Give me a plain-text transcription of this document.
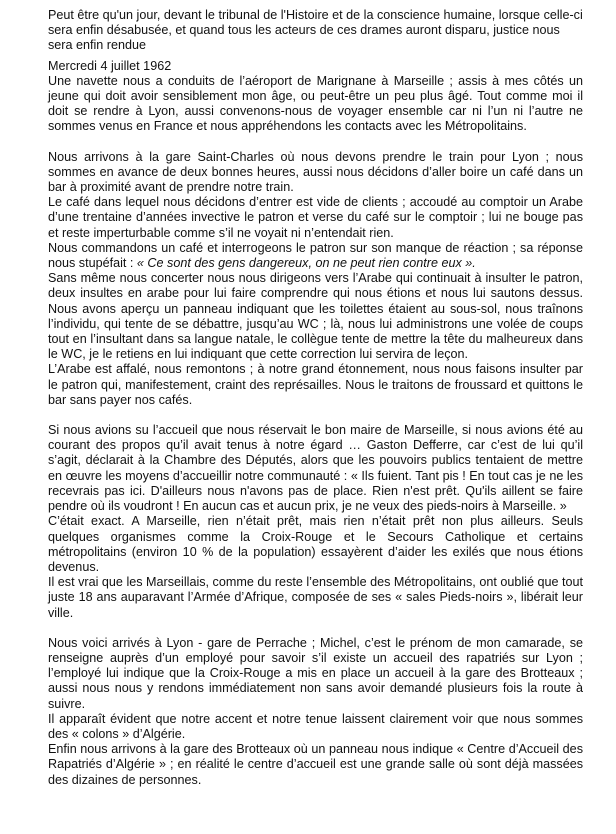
Peut être qu'un jour, devant le tribunal de l'Histoire et de la conscience humaine, lorsque celle-ci sera enfin désabusée, et quand tous les acteurs de ces drames auront disparu, justice nous sera enfin rendue

Mercredi 4 juillet 1962

Une navette nous a conduits de l’aéroport de Marignane à Marseille ; assis à mes côtés un jeune qui doit avoir sensiblement mon âge, ou peut-être un peu plus âgé. Tout comme moi il doit se rendre à Lyon, aussi convenons-nous de voyager ensemble car ni l’un ni l’autre ne sommes venus en France et nous appréhendons les contacts avec les Métropolitains.

Nous arrivons à la gare Saint-Charles où nous devons prendre le train pour Lyon ; nous sommes en avance de deux bonnes heures, aussi nous décidons d’aller boire un café dans un bar à proximité avant de prendre notre train.

Le café dans lequel nous décidons d’entrer est vide de clients ; accoudé au comptoir un Arabe d’une trentaine d’années invective le patron et verse du café sur le comptoir ; lui ne bouge pas et reste imperturbable comme s’il ne voyait ni n’entendait rien.

Nous commandons un café et interrogeons le patron sur son manque de réaction ; sa réponse nous stupéfait : « Ce sont des gens dangereux, on ne peut rien contre eux ».

Sans même nous concerter nous nous dirigeons vers l’Arabe qui continuait à insulter le patron, deux insultes en arabe pour lui faire comprendre qui nous étions et nous lui sautons dessus. Nous avons aperçu un panneau indiquant que les toilettes étaient au sous-sol, nous traînons l’individu, qui tente de se débattre, jusqu’au WC ; là, nous lui administrons une volée de coups tout en l’insultant dans sa langue natale, le collègue tente de mettre la tête du malheureux dans le WC, je le retiens en lui indiquant que cette correction lui servira de leçon.

L’Arabe est affalé, nous remontons ; à notre grand étonnement, nous nous faisons insulter par le patron qui, manifestement, craint des représailles. Nous le traitons de froussard et quittons le bar sans payer nos cafés.

Si nous avions su l’accueil que nous réservait le bon maire de Marseille, si nous avions été au courant des propos qu’il avait tenus à notre égard … Gaston Defferre, car c’est de lui qu’il s’agit, déclarait à la Chambre des Députés, alors que les pouvoirs publics tentaient de mettre en œuvre les moyens d’accueillir notre communauté : « Ils fuient. Tant pis ! En tout cas je ne les recevrais pas ici. D'ailleurs nous n'avons pas de place. Rien n'est prêt. Qu'ils aillent se faire pendre où ils voudront ! En aucun cas et aucun prix, je ne veux des pieds-noirs à Marseille. »

C’était exact. A Marseille, rien n’était prêt, mais rien n’était prêt non plus ailleurs. Seuls quelques organismes comme la Croix-Rouge et le Secours Catholique et certains métropolitains (environ 10 % de la population) essayèrent d’aider les exilés que nous étions devenus.

Il est vrai que les Marseillais, comme du reste l’ensemble des Métropolitains, ont oublié que tout juste 18 ans auparavant l’Armée d’Afrique, composée de ses « sales Pieds-noirs », libérait leur ville.

Nous voici arrivés à Lyon - gare de Perrache ; Michel, c’est le prénom de mon camarade, se renseigne auprès d’un employé pour savoir s’il existe un accueil des rapatriés sur Lyon ; l’employé lui indique que la Croix-Rouge a mis en place un accueil à la gare des Brotteaux ; aussi nous nous y rendons immédiatement non sans avoir demandé plusieurs fois la route à suivre.

Il apparaît évident que notre accent et notre tenue laissent clairement voir que nous sommes des « colons » d’Algérie.

Enfin nous arrivons à la gare des Brotteaux où un panneau nous indique « Centre d’Accueil des Rapatriés d’Algérie » ; en réalité le centre d’accueil est une grande salle où sont déjà massées des dizaines de personnes.
